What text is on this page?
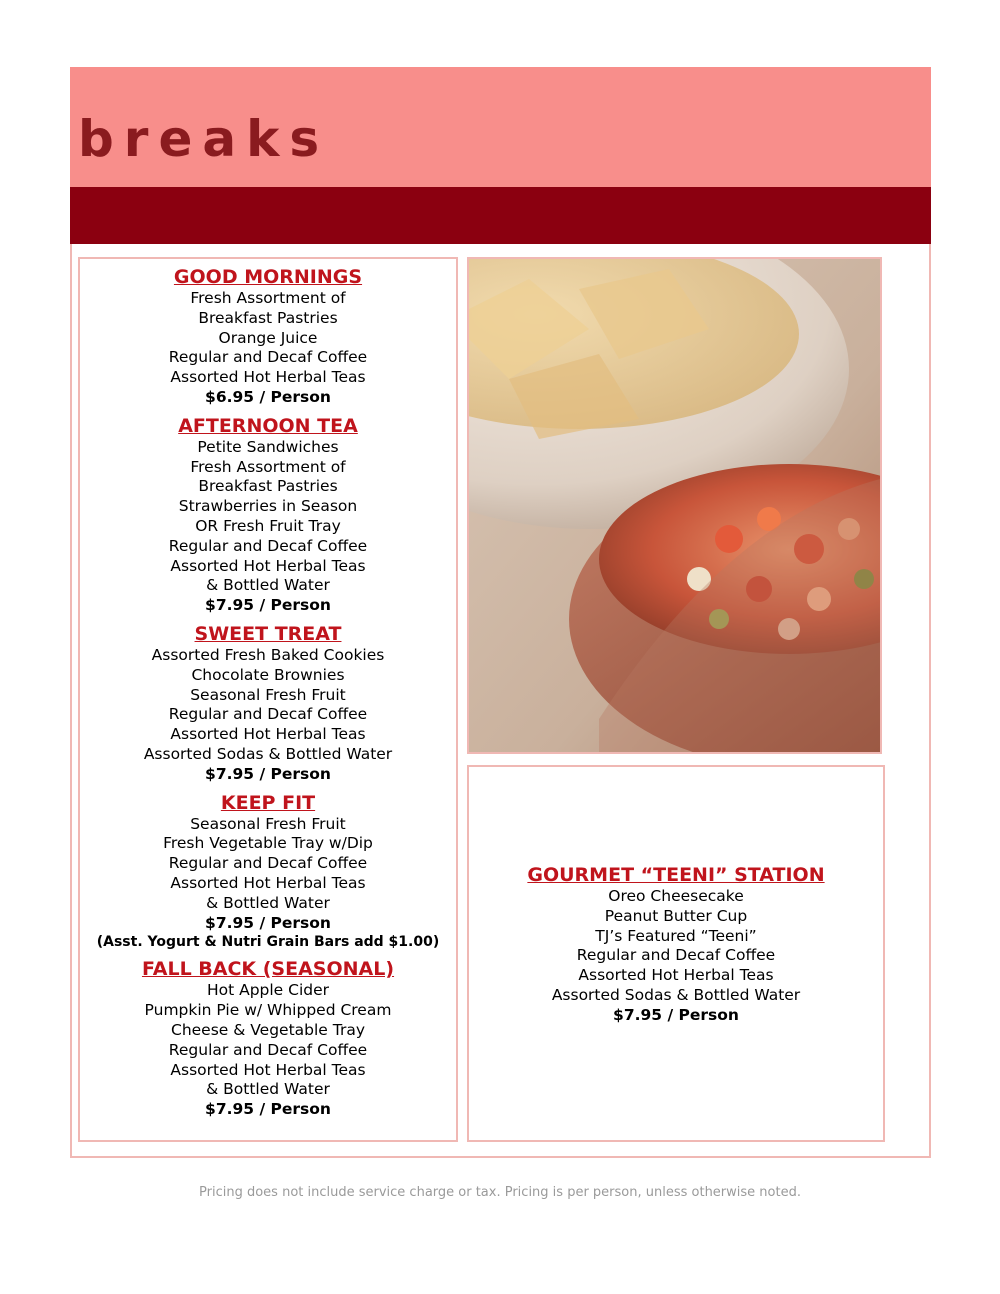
breaks
GOOD MORNINGS
Fresh Assortment of
Breakfast Pastries
Orange Juice
Regular and Decaf Coffee
Assorted Hot Herbal Teas
$6.95 / Person
AFTERNOON TEA
Petite Sandwiches
Fresh Assortment of
Breakfast Pastries
Strawberries in Season
OR Fresh Fruit Tray
Regular and Decaf Coffee
Assorted Hot Herbal Teas
& Bottled Water
$7.95 / Person
SWEET TREAT
Assorted Fresh Baked Cookies
Chocolate Brownies
Seasonal Fresh Fruit
Regular and Decaf Coffee
Assorted Hot Herbal Teas
Assorted Sodas & Bottled Water
$7.95 / Person
KEEP FIT
Seasonal Fresh Fruit
Fresh Vegetable Tray w/Dip
Regular and Decaf Coffee
Assorted Hot Herbal Teas
& Bottled Water
$7.95 / Person
(Asst. Yogurt & Nutri Grain Bars add $1.00)
FALL BACK (SEASONAL)
Hot Apple Cider
Pumpkin Pie w/ Whipped Cream
Cheese & Vegetable Tray
Regular and Decaf Coffee
Assorted Hot Herbal Teas
& Bottled Water
$7.95 / Person
GOURMET “TEENI” STATION
Oreo Cheesecake
Peanut Butter Cup
TJ’s Featured “Teeni”
Regular and Decaf Coffee
Assorted Hot Herbal Teas
Assorted Sodas & Bottled Water
$7.95 / Person
Pricing does not include service charge or tax. Pricing is per person, unless otherwise noted.
